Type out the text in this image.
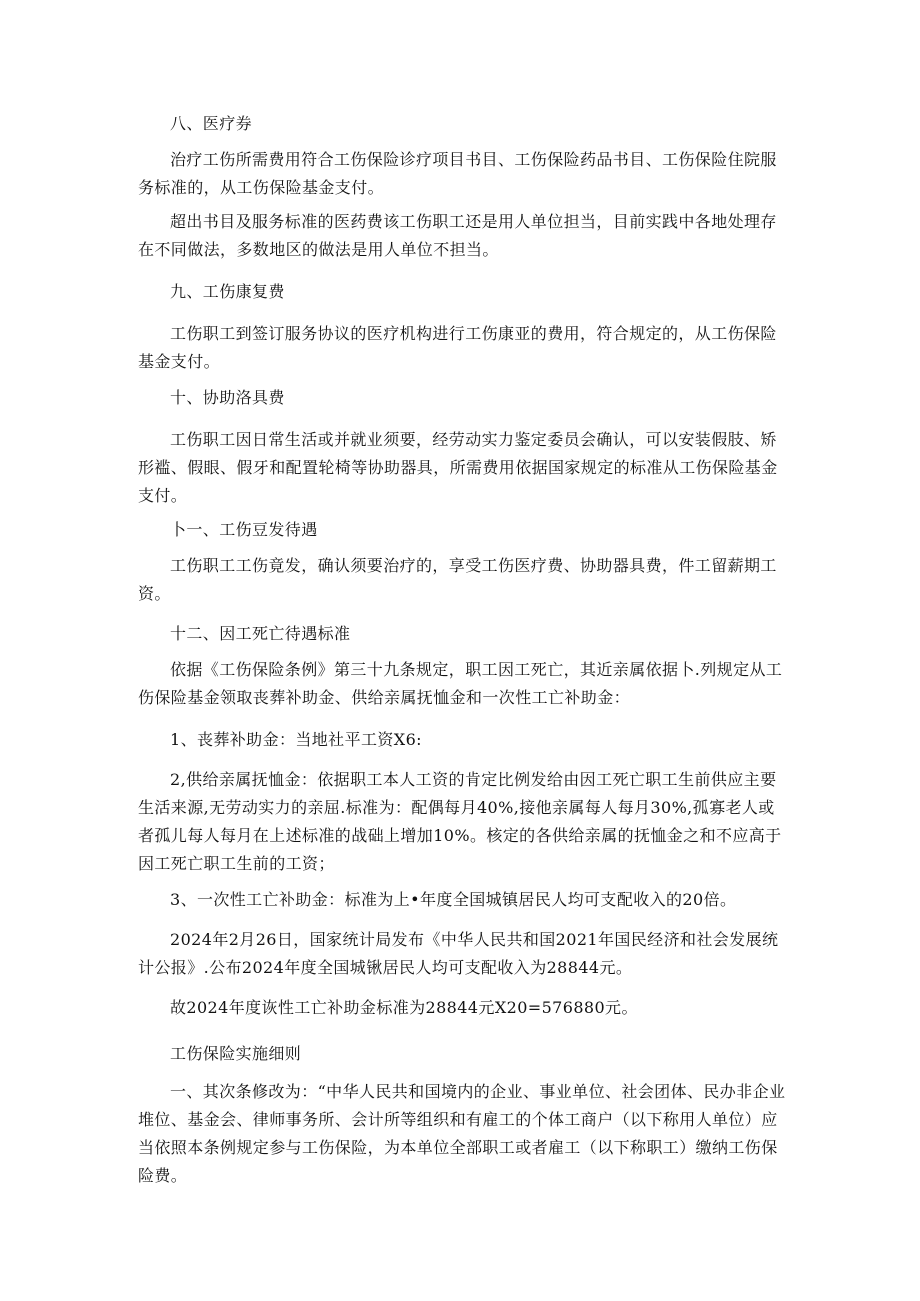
八、医疗券

治疗工伤所需费用符合工伤保险诊疗项目书目、工伤保险药品书目、工伤保险住院服务标准的，从工伤保险基金支付。

超出书目及服务标准的医药费该工伤职工还是用人单位担当，目前实践中各地处理存在不同做法，多数地区的做法是用人单位不担当。

九、工伤康复费

工伤职工到签订服务协议的医疗机构进行工伤康亚的费用，符合规定的，从工伤保险基金支付。

十、协助洛具费

工伤职工因日常生活或并就业须要，经劳动实力鉴定委员会确认，可以安装假肢、矫形褴、假眼、假牙和配置轮椅等协助器具，所需费用依据国家规定的标准从工伤保险基金支付。

卜一、工伤豆发待遇

工伤职工工伤竟发，确认须要治疗的，享受工伤医疗费、协助器具费，件工留薪期工资。

十二、因工死亡待遇标准

依据《工伤保险条例》第三十九条规定，职工因工死亡，其近亲属依据卜.列规定从工伤保险基金领取丧葬补助金、供给亲属抚恤金和一次性工亡补助金：

1、丧葬补助金：当地社平工资X6:

2,供给亲属抚恤金：依据职工本人工资的肯定比例发给由因工死亡职工生前供应主要生活来源,无劳动实力的亲屈.标准为：配偶每月40%,接他亲属每人每月30%,孤寡老人或者孤儿每人每月在上述标准的战础上增加10%。核定的各供给亲属的抚恤金之和不应高于因工死亡职工生前的工资；

3、一次性工亡补助金：标准为上•年度全国城镇居民人均可支配收入的20倍。

2024年2月26日，国家统计局发布《中华人民共和国2021年国民经济和社会发展统计公报》.公布2024年度全国城锹居民人均可支配收入为28844元。

故2024年度诙性工亡补助金标准为28844元X20=576880元。

工伤保险实施细则

一、其次条修改为：“中华人民共和国境内的企业、事业单位、社会团体、民办非企业堆位、基金会、律师事务所、会计所等组织和有雇工的个体工商户（以下称用人单位）应当依照本条例规定参与工伤保险，为本单位全部职工或者雇工（以下称职工）缴纳工伤保险费。
